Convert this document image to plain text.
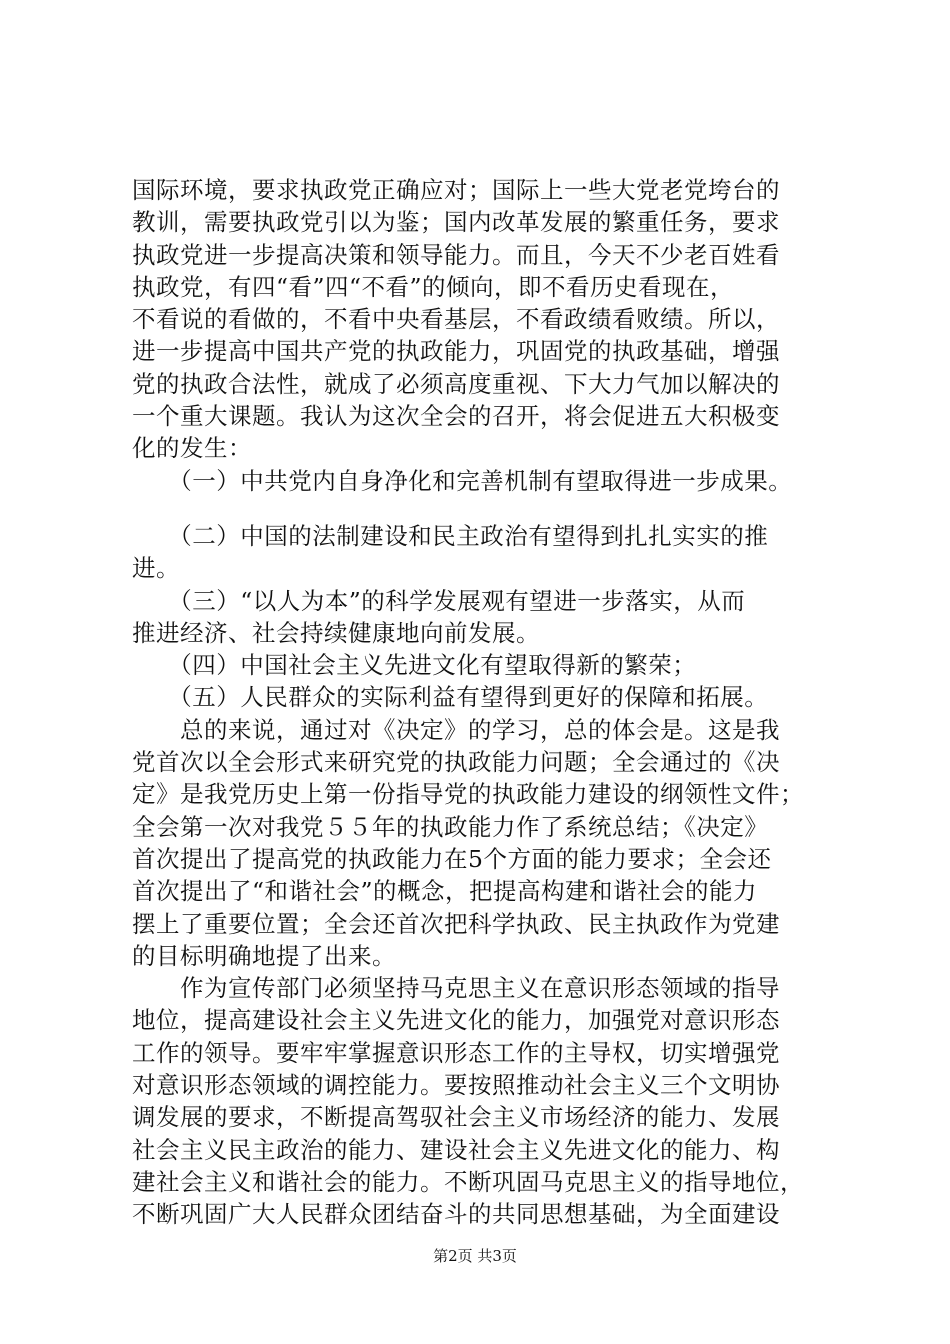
国际环境，要求执政党正确应对；国际上一些大党老党垮台的
教训，需要执政党引以为鉴；国内改革发展的繁重任务，要求
执政党进一步提高决策和领导能力。而且，今天不少老百姓看
执政党，有四“看”四“不看”的倾向，即不看历史看现在，
不看说的看做的，不看中央看基层，不看政绩看败绩。所以，
进一步提高中国共产党的执政能力，巩固党的执政基础，增强
党的执政合法性，就成了必须高度重视、下大力气加以解决的
一个重大课题。我认为这次全会的召开，将会促进五大积极变
化的发生：
　　（一）中共党内自身净化和完善机制有望取得进一步成果。
　　（二）中国的法制建设和民主政治有望得到扎扎实实的推
进。
　　（三）“以人为本”的科学发展观有望进一步落实，从而
推进经济、社会持续健康地向前发展。
　　（四）中国社会主义先进文化有望取得新的繁荣；
　　（五）人民群众的实际利益有望得到更好的保障和拓展。
　　总的来说，通过对《决定》的学习，总的体会是。这是我
党首次以全会形式来研究党的执政能力问题；全会通过的《决
定》是我党历史上第一份指导党的执政能力建设的纲领性文件；
全会第一次对我党５５年的执政能力作了系统总结；《决定》
首次提出了提高党的执政能力在5个方面的能力要求；全会还
首次提出了“和谐社会”的概念，把提高构建和谐社会的能力
摆上了重要位置；全会还首次把科学执政、民主执政作为党建
的目标明确地提了出来。
　　作为宣传部门必须坚持马克思主义在意识形态领域的指导
地位，提高建设社会主义先进文化的能力，加强党对意识形态
工作的领导。要牢牢掌握意识形态工作的主导权，切实增强党
对意识形态领域的调控能力。要按照推动社会主义三个文明协
调发展的要求，不断提高驾驭社会主义市场经济的能力、发展
社会主义民主政治的能力、建设社会主义先进文化的能力、构
建社会主义和谐社会的能力。不断巩固马克思主义的指导地位，
不断巩固广大人民群众团结奋斗的共同思想基础，为全面建设
第2页 共3页
